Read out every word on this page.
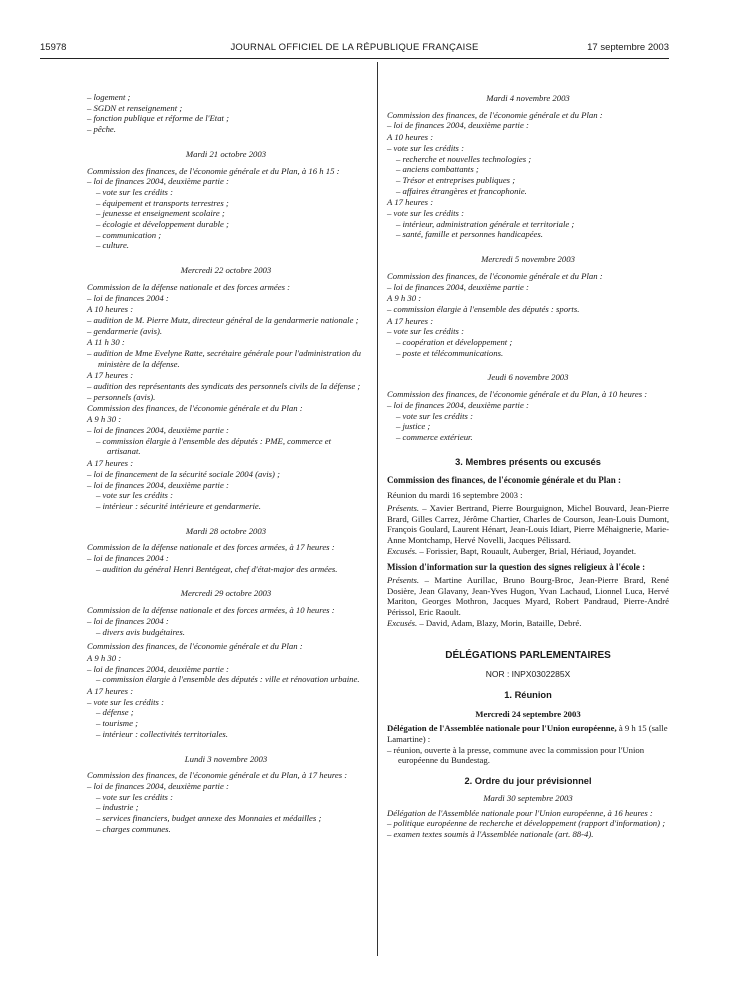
15978	JOURNAL OFFICIEL DE LA RÉPUBLIQUE FRANÇAISE	17 septembre 2003

– logement ;

– SGDN et renseignement ;

– fonction publique et réforme de l'Etat ;

– pêche.

Mardi 21 octobre 2003

Commission des finances, de l'économie générale et du Plan, à 16 h 15 :

– loi de finances 2004, deuxième partie :

– vote sur les crédits :

– équipement et transports terrestres ;

– jeunesse et enseignement scolaire ;

– écologie et développement durable ;

– communication ;

– culture.

Mercredi 22 octobre 2003

Commission de la défense nationale et des forces armées :

– loi de finances 2004 :

A 10 heures :

– audition de M. Pierre Mutz, directeur général de la gendarmerie nationale ;

– gendarmerie (avis).

A 11 h 30 :

– audition de Mme Evelyne Ratte, secrétaire générale pour l'administration du ministère de la défense.

A 17 heures :

– audition des représentants des syndicats des personnels civils de la défense ;

– personnels (avis).

Commission des finances, de l'économie générale et du Plan :

A 9 h 30 :

– loi de finances 2004, deuxième partie :

– commission élargie à l'ensemble des députés : PME, commerce et artisanat.

A 17 heures :

– loi de financement de la sécurité sociale 2004 (avis) ;

– loi de finances 2004, deuxième partie :

– vote sur les crédits :

– intérieur : sécurité intérieure et gendarmerie.

Mardi 28 octobre 2003

Commission de la défense nationale et des forces armées, à 17 heures :

– loi de finances 2004 :

– audition du général Henri Bentégeat, chef d'état-major des armées.

Mercredi 29 octobre 2003

Commission de la défense nationale et des forces armées, à 10 heures :

– loi de finances 2004 :

– divers avis budgétaires.

Commission des finances, de l'économie générale et du Plan :

A 9 h 30 :

– loi de finances 2004, deuxième partie :

– commission élargie à l'ensemble des députés : ville et rénovation urbaine.

A 17 heures :

– vote sur les crédits :

– défense ;

– tourisme ;

– intérieur : collectivités territoriales.

Lundi 3 novembre 2003

Commission des finances, de l'économie générale et du Plan, à 17 heures :

– loi de finances 2004, deuxième partie :

– vote sur les crédits :

– industrie ;

– services financiers, budget annexe des Monnaies et médailles ;

– charges communes.

Mardi 4 novembre 2003

Commission des finances, de l'économie générale et du Plan :

– loi de finances 2004, deuxième partie :

A 10 heures :

– vote sur les crédits :

– recherche et nouvelles technologies ;

– anciens combattants ;

– Trésor et entreprises publiques ;

– affaires étrangères et francophonie.

A 17 heures :

– vote sur les crédits :

– intérieur, administration générale et territoriale ;

– santé, famille et personnes handicapées.

Mercredi 5 novembre 2003

Commission des finances, de l'économie générale et du Plan :

– loi de finances 2004, deuxième partie :

A 9 h 30 :

– commission élargie à l'ensemble des députés : sports.

A 17 heures :

– vote sur les crédits :

– coopération et développement ;

– poste et télécommunications.

Jeudi 6 novembre 2003

Commission des finances, de l'économie générale et du Plan, à 10 heures :

– loi de finances 2004, deuxième partie :

– vote sur les crédits :

– justice ;

– commerce extérieur.

3. Membres présents ou excusés

Commission des finances, de l'économie générale et du Plan :

Réunion du mardi 16 septembre 2003 :

Présents. – Xavier Bertrand, Pierre Bourguignon, Michel Bouvard, Jean-Pierre Brard, Gilles Carrez, Jérôme Chartier, Charles de Courson, Jean-Louis Dumont, François Goulard, Laurent Hénart, Jean-Louis Idiart, Pierre Méhaignerie, Marie-Anne Montchamp, Hervé Novelli, Jacques Pélissard.

Excusés. – Forissier, Bapt, Rouault, Auberger, Brial, Hériaud, Joyandet.

Mission d'information sur la question des signes religieux à l'école :

Présents. – Martine Aurillac, Bruno Bourg-Broc, Jean-Pierre Brard, René Dosière, Jean Glavany, Jean-Yves Hugon, Yvan Lachaud, Lionnel Luca, Hervé Mariton, Georges Mothron, Jacques Myard, Robert Pandraud, Pierre-André Périssol, Eric Raoult.

Excusés. – David, Adam, Blazy, Morin, Bataille, Debré.

DÉLÉGATIONS PARLEMENTAIRES
NOR : INPX0302285X
1. Réunion
Mercredi 24 septembre 2003

Délégation de l'Assemblée nationale pour l'Union européenne, à 9 h 15 (salle Lamartine) :

– réunion, ouverte à la presse, commune avec la commission pour l'Union européenne du Bundestag.

2. Ordre du jour prévisionnel
Mardi 30 septembre 2003

Délégation de l'Assemblée nationale pour l'Union européenne, à 16 heures :

– politique européenne de recherche et développement (rapport d'information) ;

– examen textes soumis à l'Assemblée nationale (art. 88-4).
